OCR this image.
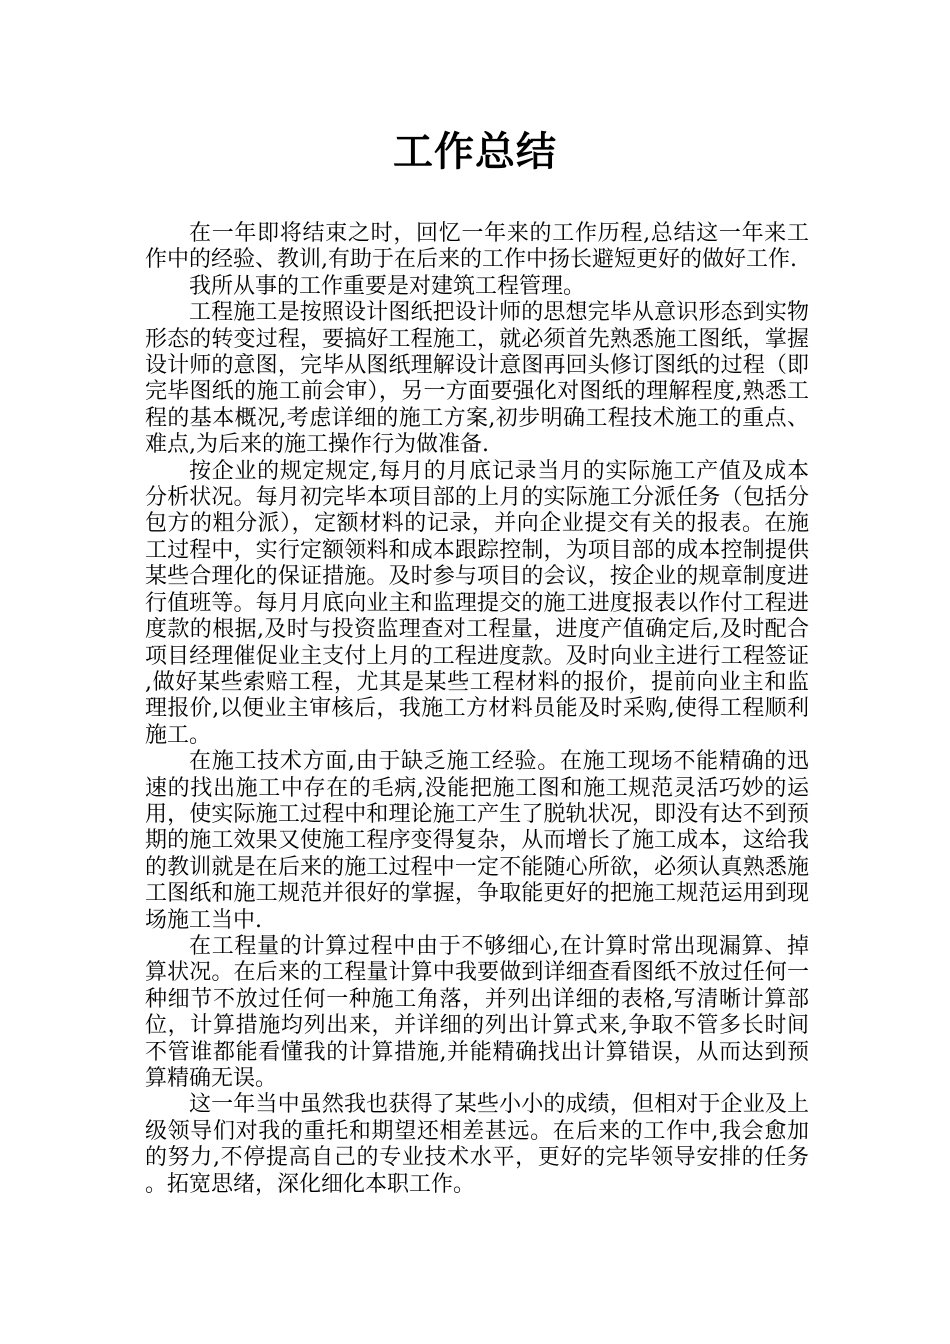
工作总结

在一年即将结束之时，回忆一年来的工作历程,总结这一年来工作中的经验、教训,有助于在后来的工作中扬长避短更好的做好工作.

我所从事的工作重要是对建筑工程管理。

工程施工是按照设计图纸把设计师的思想完毕从意识形态到实物形态的转变过程，要搞好工程施工，就必须首先熟悉施工图纸，掌握设计师的意图，完毕从图纸理解设计意图再回头修订图纸的过程（即完毕图纸的施工前会审），另一方面要强化对图纸的理解程度,熟悉工程的基本概况,考虑详细的施工方案,初步明确工程技术施工的重点、难点,为后来的施工操作行为做准备.

按企业的规定规定,每月的月底记录当月的实际施工产值及成本分析状况。每月初完毕本项目部的上月的实际施工分派任务（包括分包方的粗分派），定额材料的记录，并向企业提交有关的报表。在施工过程中，实行定额领料和成本跟踪控制，为项目部的成本控制提供某些合理化的保证措施。及时参与项目的会议，按企业的规章制度进行值班等。每月月底向业主和监理提交的施工进度报表以作付工程进度款的根据,及时与投资监理查对工程量，进度产值确定后,及时配合项目经理催促业主支付上月的工程进度款。及时向业主进行工程签证,做好某些索赔工程，尤其是某些工程材料的报价，提前向业主和监理报价,以便业主审核后，我施工方材料员能及时采购,使得工程顺利施工。

在施工技术方面,由于缺乏施工经验。在施工现场不能精确的迅速的找出施工中存在的毛病,没能把施工图和施工规范灵活巧妙的运用，使实际施工过程中和理论施工产生了脱轨状况，即没有达不到预期的施工效果又使施工程序变得复杂，从而增长了施工成本，这给我的教训就是在后来的施工过程中一定不能随心所欲，必须认真熟悉施工图纸和施工规范并很好的掌握，争取能更好的把施工规范运用到现场施工当中.

在工程量的计算过程中由于不够细心,在计算时常出现漏算、掉算状况。在后来的工程量计算中我要做到详细查看图纸不放过任何一种细节不放过任何一种施工角落，并列出详细的表格,写清晰计算部位，计算措施均列出来，并详细的列出计算式来,争取不管多长时间不管谁都能看懂我的计算措施,并能精确找出计算错误，从而达到预算精确无误。

这一年当中虽然我也获得了某些小小的成绩，但相对于企业及上级领导们对我的重托和期望还相差甚远。在后来的工作中,我会愈加的努力,不停提高自己的专业技术水平，更好的完毕领导安排的任务。拓宽思绪，深化细化本职工作。
